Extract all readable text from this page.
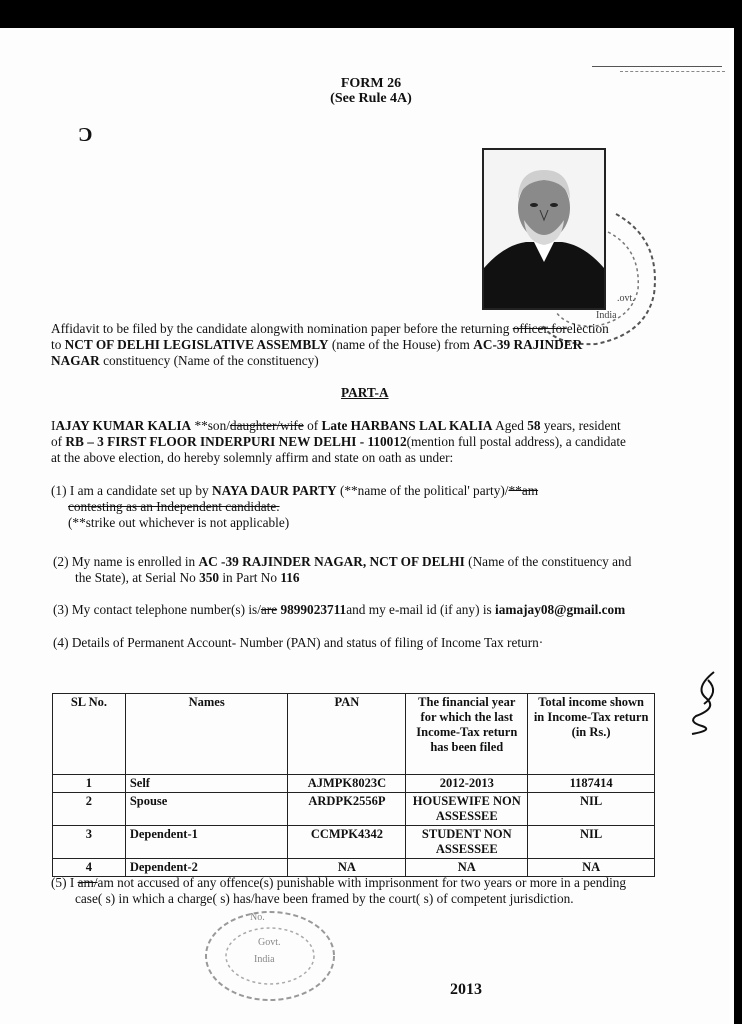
FORM 26
(See Rule 4A)
Ɔ
.ovt.
India
Affidavit to be filed by the candidate alongwith nomination paper before the returning officer forelection
to NCT OF DELHI LEGISLATIVE ASSEMBLY (name of the House) from AC-39 RAJINDER
NAGAR constituency (Name of the constituency)
PART-A
IAJAY KUMAR KALIA **son/daughter/wife of Late HARBANS LAL KALIA Aged 58 years, resident
of RB – 3 FIRST FLOOR INDERPURI NEW DELHI - 110012(mention full postal address), a candidate
at the above election, do hereby solemnly affirm and state on oath as under:
(1) I am a candidate set up by NAYA DAUR PARTY (**name of the political' party)/**am
contesting as an Independent candidate.
(**strike out whichever is not applicable)
(2) My name is enrolled in AC -39 RAJINDER NAGAR, NCT OF DELHI (Name of the constituency and
the State), at Serial No 350 in Part No 116
(3) My contact telephone number(s) is/are 9899023711and my e-mail id (if any) is iamajay08@gmail.com
(4) Details of Permanent Account- Number (PAN) and status of filing of Income Tax return·
SL No.	Names	PAN	The financial year for which the last Income-Tax return has been filed	Total income shown in Income-Tax return (in Rs.)
1	Self	AJMPK8023C	2012-2013	1187414
2	Spouse	ARDPK2556P	HOUSEWIFE NON ASSESSEE	NIL
3	Dependent-1	CCMPK4342	STUDENT NON ASSESSEE	NIL
4	Dependent-2	NA	NA	NA
(5) I am/am not accused of any offence(s) punishable with imprisonment for two years or more in a pending
case( s) in which a charge( s) has/have been framed by the court( s) of competent jurisdiction.
No.
Govt.
India
2013
